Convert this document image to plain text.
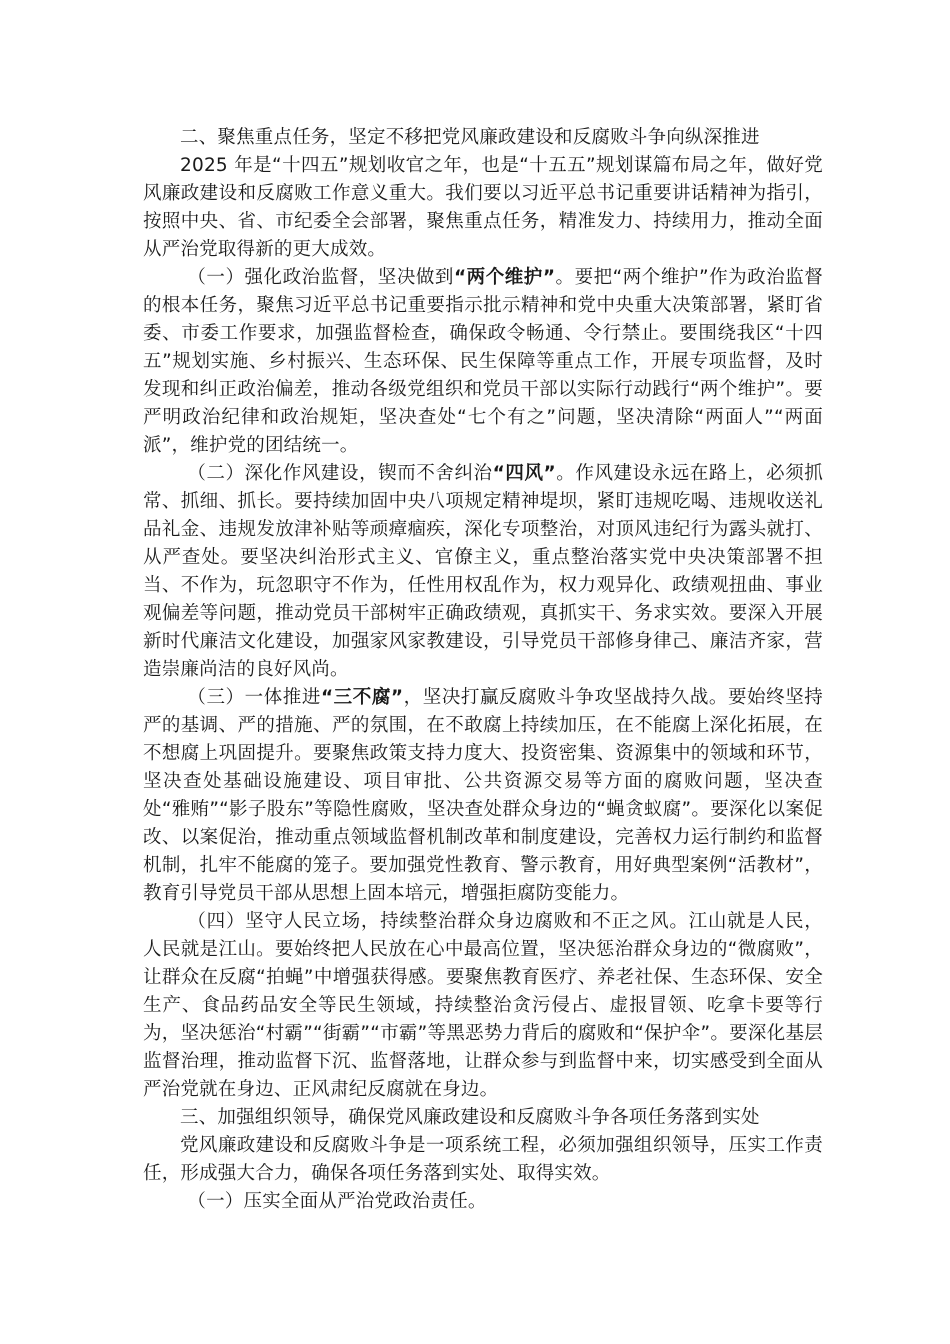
二、聚焦重点任务，坚定不移把党风廉政建设和反腐败斗争向纵深推进

2025 年是“十四五”规划收官之年，也是“十五五”规划谋篇布局之年，做好党风廉政建设和反腐败工作意义重大。我们要以习近平总书记重要讲话精神为指引，按照中央、省、市纪委全会部署，聚焦重点任务，精准发力、持续用力，推动全面从严治党取得新的更大成效。

（一）强化政治监督，坚决做到“两个维护”。要把“两个维护”作为政治监督的根本任务，聚焦习近平总书记重要指示批示精神和党中央重大决策部署，紧盯省委、市委工作要求，加强监督检查，确保政令畅通、令行禁止。要围绕我区“十四五”规划实施、乡村振兴、生态环保、民生保障等重点工作，开展专项监督，及时发现和纠正政治偏差，推动各级党组织和党员干部以实际行动践行“两个维护”。要严明政治纪律和政治规矩，坚决查处“七个有之”问题，坚决清除“两面人”“两面派”，维护党的团结统一。

（二）深化作风建设，锲而不舍纠治“四风”。作风建设永远在路上，必须抓常、抓细、抓长。要持续加固中央八项规定精神堤坝，紧盯违规吃喝、违规收送礼品礼金、违规发放津补贴等顽瘴痼疾，深化专项整治，对顶风违纪行为露头就打、从严查处。要坚决纠治形式主义、官僚主义，重点整治落实党中央决策部署不担当、不作为，玩忽职守不作为，任性用权乱作为，权力观异化、政绩观扭曲、事业观偏差等问题，推动党员干部树牢正确政绩观，真抓实干、务求实效。要深入开展新时代廉洁文化建设，加强家风家教建设，引导党员干部修身律己、廉洁齐家，营造崇廉尚洁的良好风尚。

（三）一体推进“三不腐”，坚决打赢反腐败斗争攻坚战持久战。要始终坚持严的基调、严的措施、严的氛围，在不敢腐上持续加压，在不能腐上深化拓展，在不想腐上巩固提升。要聚焦政策支持力度大、投资密集、资源集中的领域和环节，坚决查处基础设施建设、项目审批、公共资源交易等方面的腐败问题，坚决查处“雅贿”“影子股东”等隐性腐败，坚决查处群众身边的“蝇贪蚁腐”。要深化以案促改、以案促治，推动重点领域监督机制改革和制度建设，完善权力运行制约和监督机制，扎牢不能腐的笼子。要加强党性教育、警示教育，用好典型案例“活教材”，教育引导党员干部从思想上固本培元，增强拒腐防变能力。

（四）坚守人民立场，持续整治群众身边腐败和不正之风。江山就是人民，人民就是江山。要始终把人民放在心中最高位置，坚决惩治群众身边的“微腐败”，让群众在反腐“拍蝇”中增强获得感。要聚焦教育医疗、养老社保、生态环保、安全生产、食品药品安全等民生领域，持续整治贪污侵占、虚报冒领、吃拿卡要等行为，坚决惩治“村霸”“街霸”“市霸”等黑恶势力背后的腐败和“保护伞”。要深化基层监督治理，推动监督下沉、监督落地，让群众参与到监督中来，切实感受到全面从严治党就在身边、正风肃纪反腐就在身边。

三、加强组织领导，确保党风廉政建设和反腐败斗争各项任务落到实处

党风廉政建设和反腐败斗争是一项系统工程，必须加强组织领导，压实工作责任，形成强大合力，确保各项任务落到实处、取得实效。

（一）压实全面从严治党政治责任。
